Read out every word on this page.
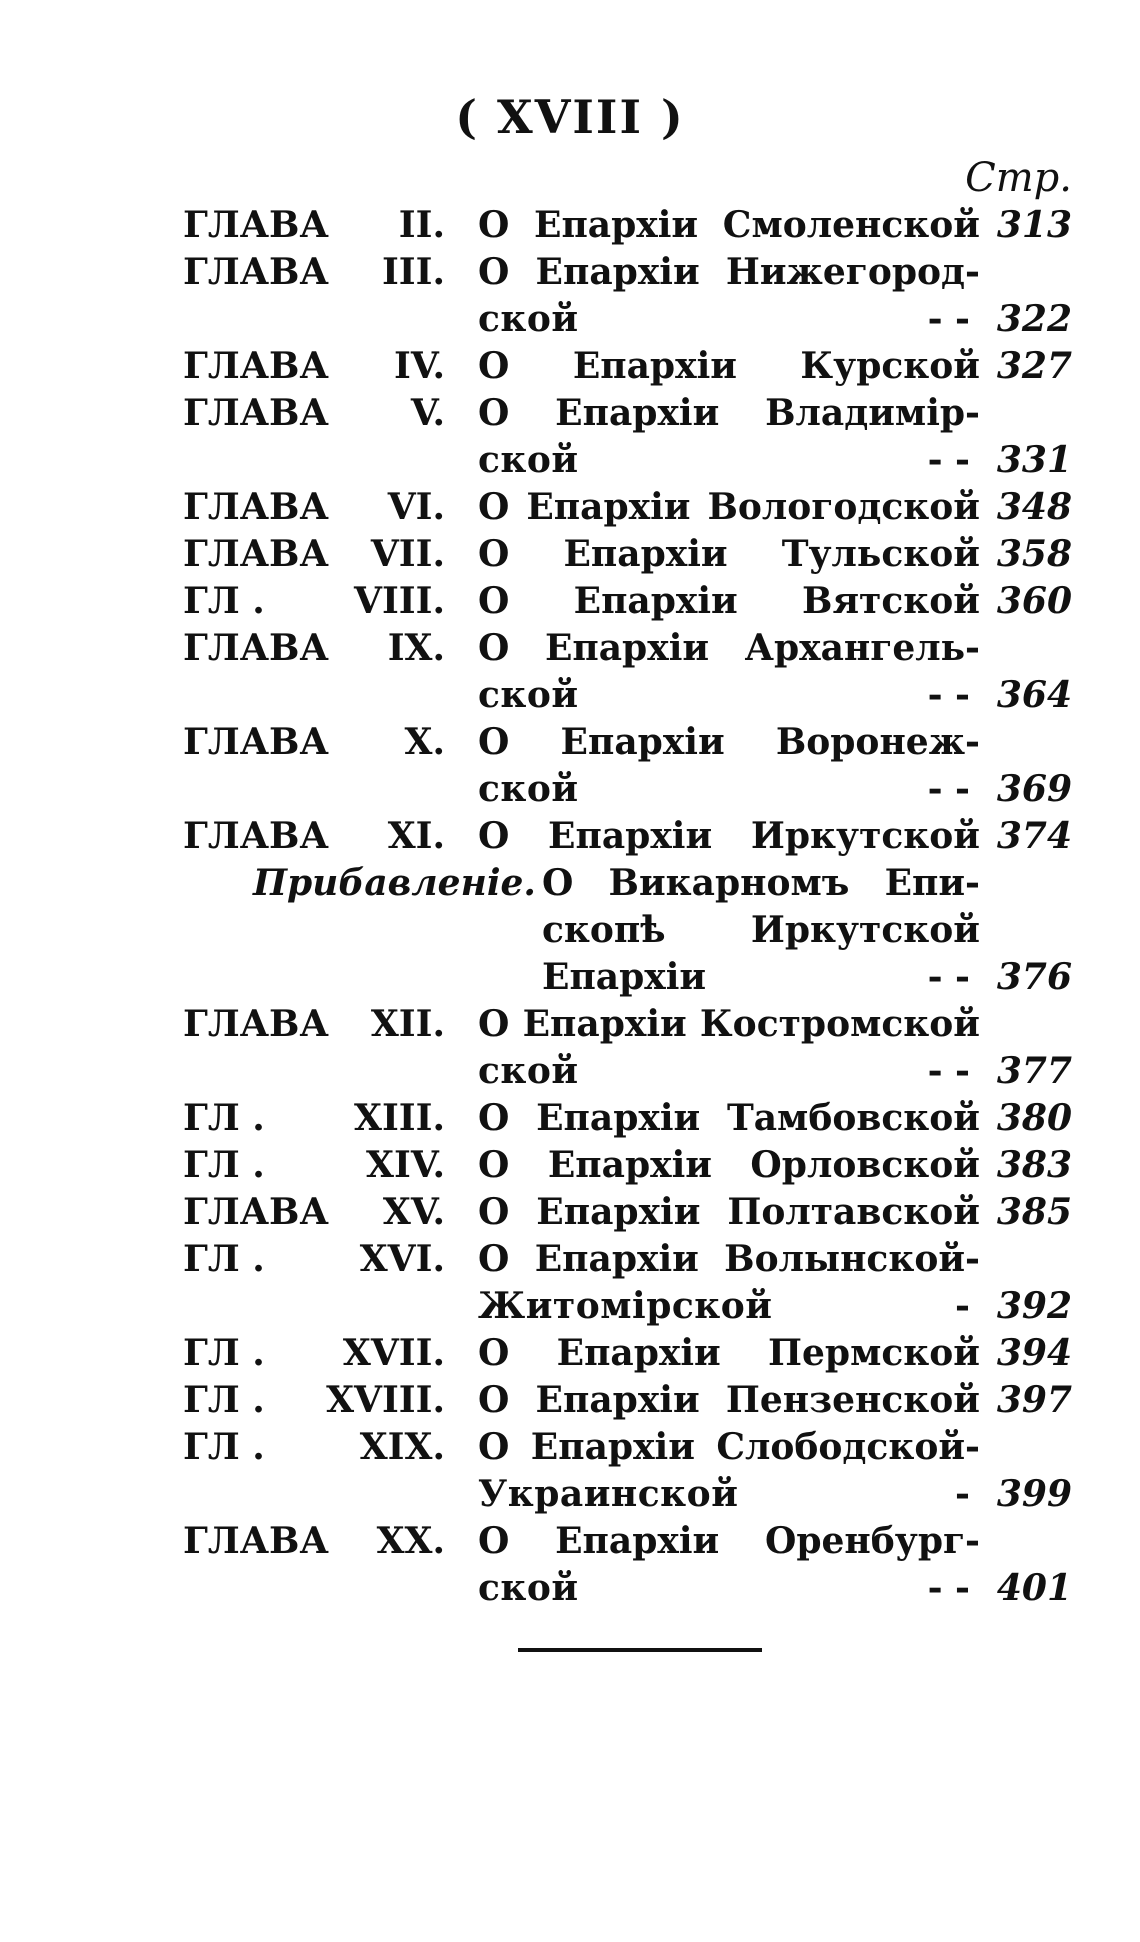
( XVIII )
Стр.
ГЛАВА II. О Епархіи Смоленской 313
ГЛАВА III. О Епархіи Нижегород-
ской	- - 322
ГЛАВА IV. О Епархіи Курской 327
ГЛАВА V. О Епархіи Владимір-
ской	- - 331
ГЛАВА VI. О Епархіи Вологодской 348
ГЛАВА VII. О Епархіи Тульской 358
ГЛ . VIII. О Епархіи Вятской 360
ГЛАВА IX. О Епархіи Архангель-
ской	- - 364
ГЛАВА X. О Епархіи Воронеж-
ской	- - 369
ГЛАВА XI. О Епархіи Иркутской 374
Прибавленіе. О Викарномъ Епи-
скопѣ Иркутской
Епархіи	- - 376
ГЛАВА XII. О Епархіи Костромской
ской	- - 377
ГЛ . XIII. О Епархіи Тамбовской 380
ГЛ .	XIV. О Епархіи Орловской 383
ГЛАВА XV. О Епархіи Полтавской 385
ГЛ .	XVI. О Епархіи Волынской-
Житомірской	- 392
ГЛ . XVII. О Епархіи Пермской 394
ГЛ . XVIII. О Епархіи Пензенской 397
ГЛ .	XIX. О Епархіи Слободской-
Украинской	- 399
ГЛАВА XX. О Епархіи Оренбург-
ской	- - 401
